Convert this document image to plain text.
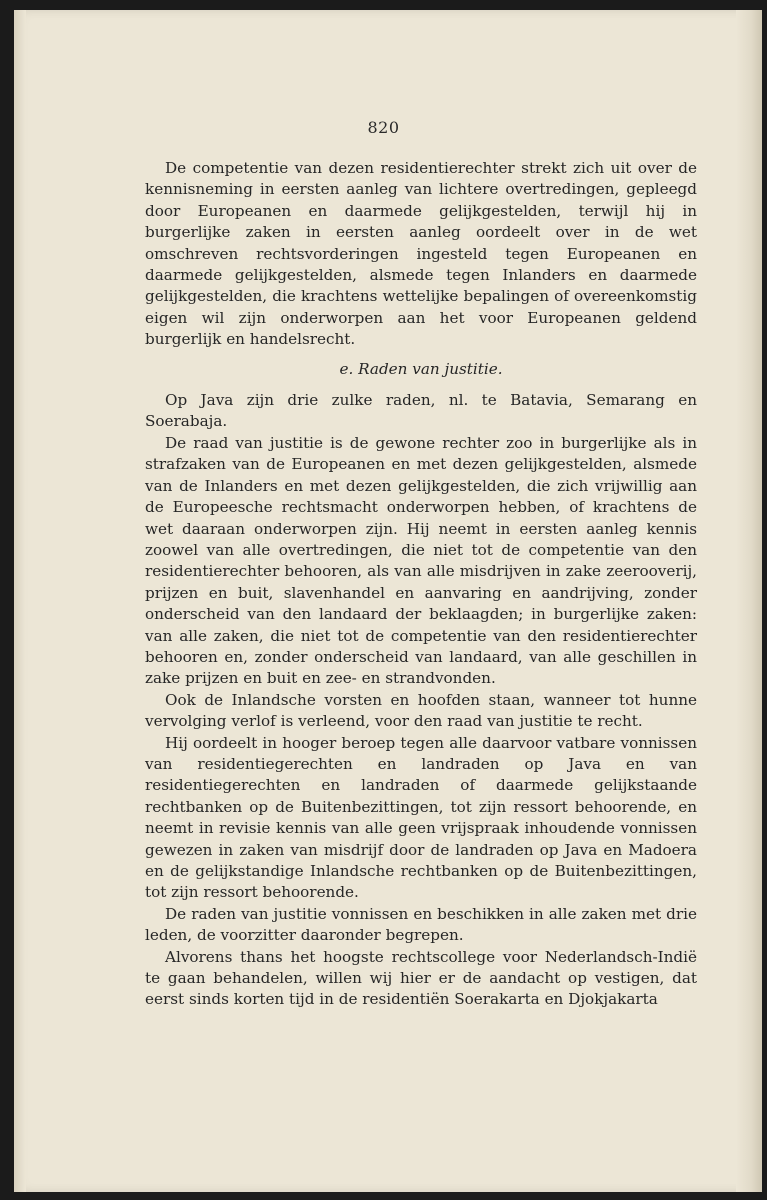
820

De competentie van dezen residentierechter strekt zich uit over de kennisneming in eersten aanleg van lichtere overtredingen, gepleegd door Europeanen en daarmede gelijkgestelden, terwijl hij in burgerlijke zaken in eersten aanleg oordeelt over in de wet omschreven rechtsvorderingen ingesteld tegen Europeanen en daarmede gelijkgestelden, alsmede tegen Inlanders en daarmede gelijkgestelden, die krachtens wettelijke bepalingen of overeenkomstig eigen wil zijn onderworpen aan het voor Europeanen geldend burgerlijk en handelsrecht.

e. Raden van justitie.

Op Java zijn drie zulke raden, nl. te Batavia, Semarang en Soerabaja.

De raad van justitie is de gewone rechter zoo in burgerlijke als in strafzaken van de Europeanen en met dezen gelijkgestelden, alsmede van de Inlanders en met dezen gelijkgestelden, die zich vrijwillig aan de Europeesche rechtsmacht onderworpen hebben, of krachtens de wet daaraan onderworpen zijn. Hij neemt in eersten aanleg kennis zoowel van alle overtredingen, die niet tot de competentie van den residentierechter behooren, als van alle misdrijven in zake zeerooverij, prijzen en buit, slavenhandel en aanvaring en aandrijving, zonder onderscheid van den landaard der beklaagden; in burgerlijke zaken: van alle zaken, die niet tot de competentie van den residentierechter behooren en, zonder onderscheid van landaard, van alle geschillen in zake prijzen en buit en zee- en strandvonden.

Ook de Inlandsche vorsten en hoofden staan, wanneer tot hunne vervolging verlof is verleend, voor den raad van justitie te recht.

Hij oordeelt in hooger beroep tegen alle daarvoor vatbare vonnissen van residentiegerechten en landraden op Java en van residentiegerechten en landraden of daarmede gelijkstaande rechtbanken op de Buitenbezittingen, tot zijn ressort behoorende, en neemt in revisie kennis van alle geen vrijspraak inhoudende vonnissen gewezen in zaken van misdrijf door de landraden op Java en Madoera en de gelijkstandige Inlandsche rechtbanken op de Buitenbezittingen, tot zijn ressort behoorende.

De raden van justitie vonnissen en beschikken in alle zaken met drie leden, de voorzitter daaronder begrepen.

Alvorens thans het hoogste rechtscollege voor Nederlandsch-Indië te gaan behandelen, willen wij hier er de aandacht op vestigen, dat eerst sinds korten tijd in de residentiën Soerakarta en Djokjakarta
